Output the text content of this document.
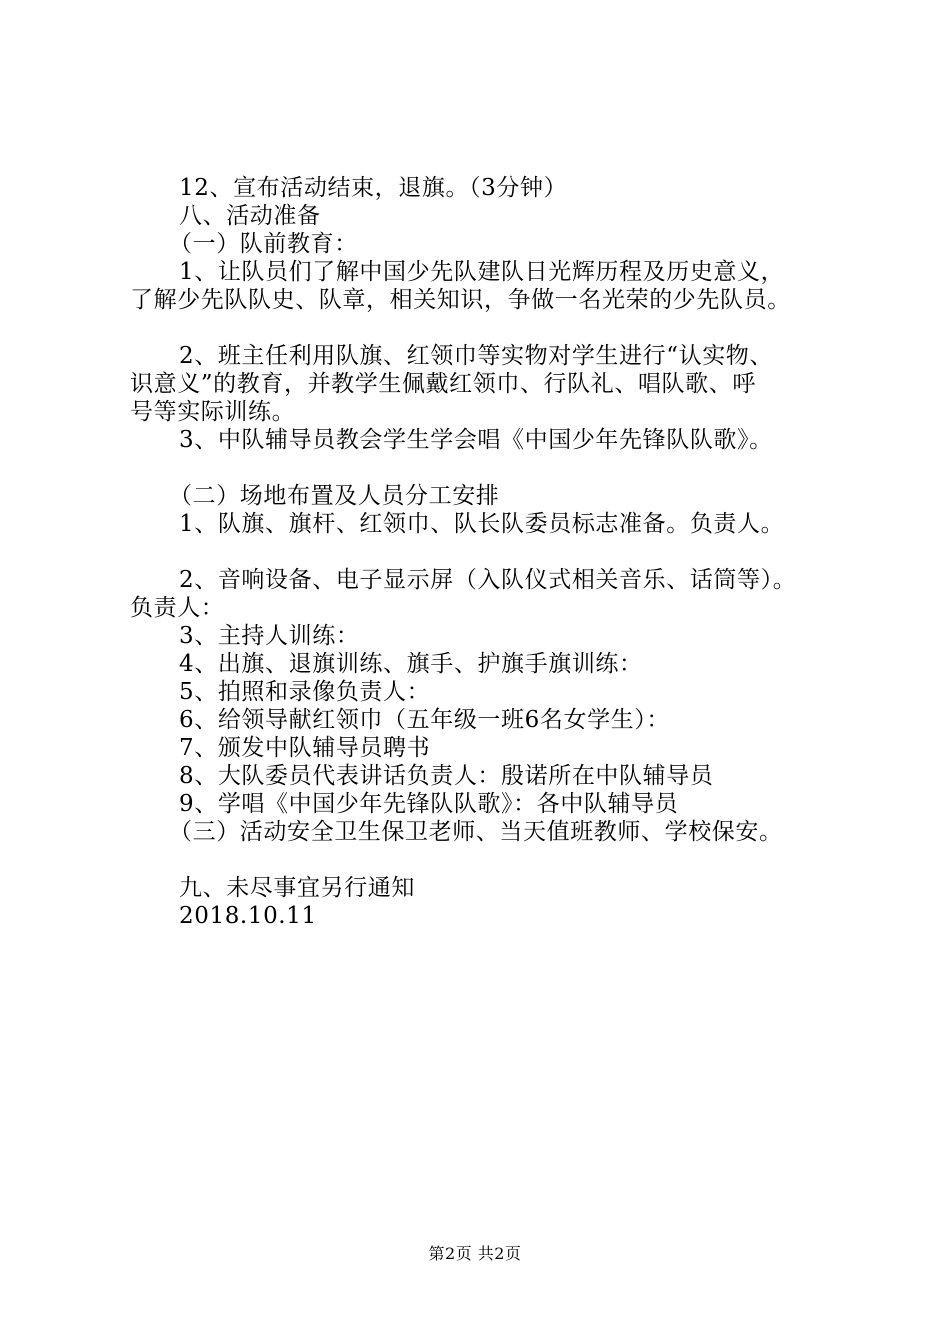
12、宣布活动结束，退旗。（3分钟）
八、活动准备
（一）队前教育：
1、让队员们了解中国少先队建队日光辉历程及历史意义，
了解少先队队史、队章，相关知识，争做一名光荣的少先队员。
2、班主任利用队旗、红领巾等实物对学生进行“认实物、
识意义”的教育，并教学生佩戴红领巾、行队礼、唱队歌、呼
号等实际训练。
3、中队辅导员教会学生学会唱《中国少年先锋队队歌》。
（二）场地布置及人员分工安排
1、队旗、旗杆、红领巾、队长队委员标志准备。负责人。
2、音响设备、电子显示屏（入队仪式相关音乐、话筒等）。
负责人：
3、主持人训练：
4、出旗、退旗训练、旗手、护旗手旗训练：
5、拍照和录像负责人：
6、给领导献红领巾（五年级一班6名女学生）：
7、颁发中队辅导员聘书
8、大队委员代表讲话负责人：殷诺所在中队辅导员
9、学唱《中国少年先锋队队歌》：各中队辅导员
（三）活动安全卫生保卫老师、当天值班教师、学校保安。
九、未尽事宜另行通知
2018.10.11
第2页 共2页
